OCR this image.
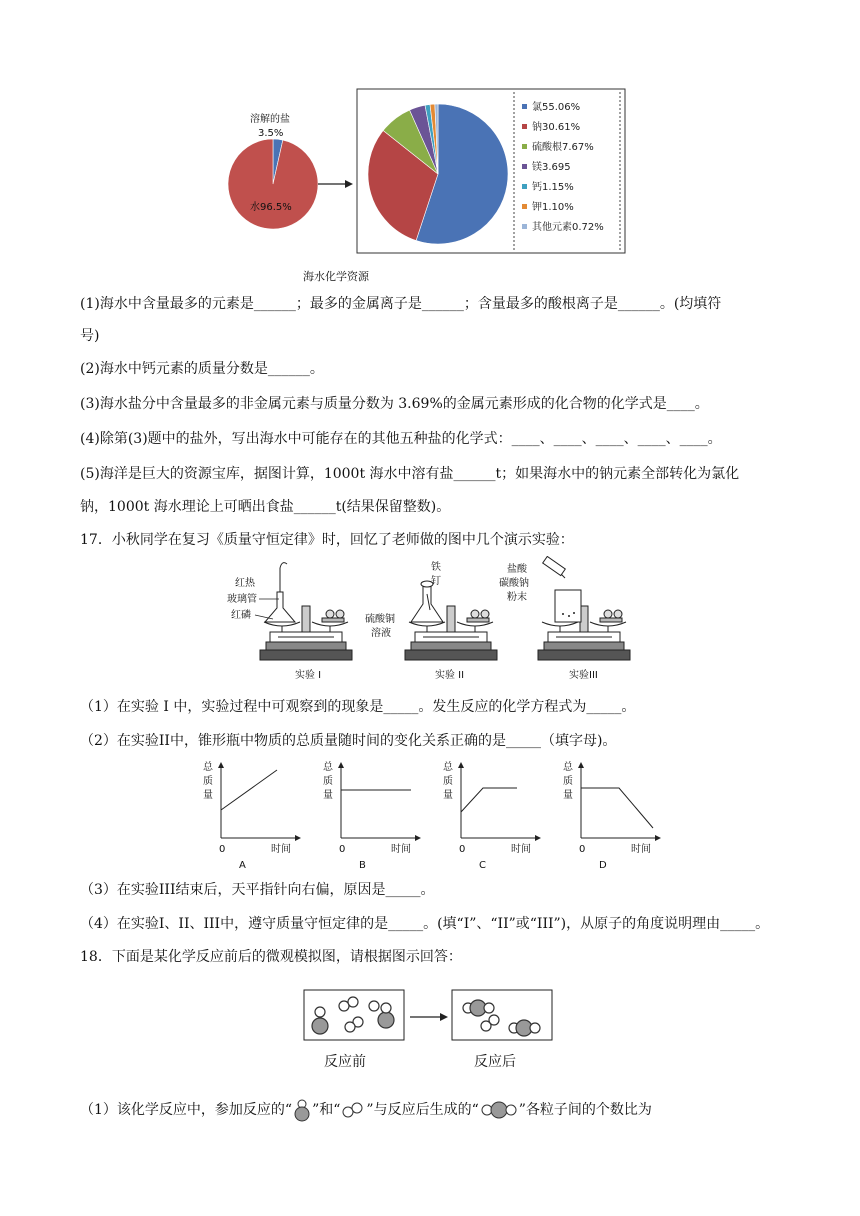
溶解的盐
3.5%
水96.5%
氯55.06%
钠30.61%
硫酸根7.67%
镁3.695
钙1.15%
钾1.10%
其他元素0.72%
海水化学资源
(1)海水中含量最多的元素是______；最多的金属离子是______；含量最多的酸根离子是______。(均填符
号)
(2)海水中钙元素的质量分数是______。
(3)海水盐分中含量最多的非金属元素与质量分数为 3.69%的金属元素形成的化合物的化学式是____。
(4)除第(3)题中的盐外，写出海水中可能存在的其他五种盐的化学式：____、____、____、____、____。
(5)海洋是巨大的资源宝库，据图计算，1000t 海水中溶有盐______t；如果海水中的钠元素全部转化为氯化
钠，1000t 海水理论上可晒出食盐______t(结果保留整数)。
17．小秋同学在复习《质量守恒定律》时，回忆了老师做的图中几个演示实验：
红热
玻璃管
红磷
铁
钉
硫酸铜
溶液
盐酸
碳酸钠
粉末
实验 I	实验 II	实验III
（1）在实验 I 中，实验过程中可观察到的现象是_____。发生反应的化学方程式为_____。
（2）在实验II中，锥形瓶中物质的总质量随时间的变化关系正确的是_____（填字母)。
总
质
量
0	时间
A
总
质
量
0	时间
B
总
质
量
0	时间
C
总
质
量
0	时间
D
（3）在实验III结束后，天平指针向右偏，原因是_____。
（4）在实验I、II、III中，遵守质量守恒定律的是_____。(填“I”、“II”或“III”)，从原子的角度说明理由_____。
18．下面是某化学反应前后的微观模拟图，请根据图示回答：
反应前	反应后
（1）该化学反应中，参加反应的“ ”和“ ”与反应后生成的“	”各粒子间的个数比为
